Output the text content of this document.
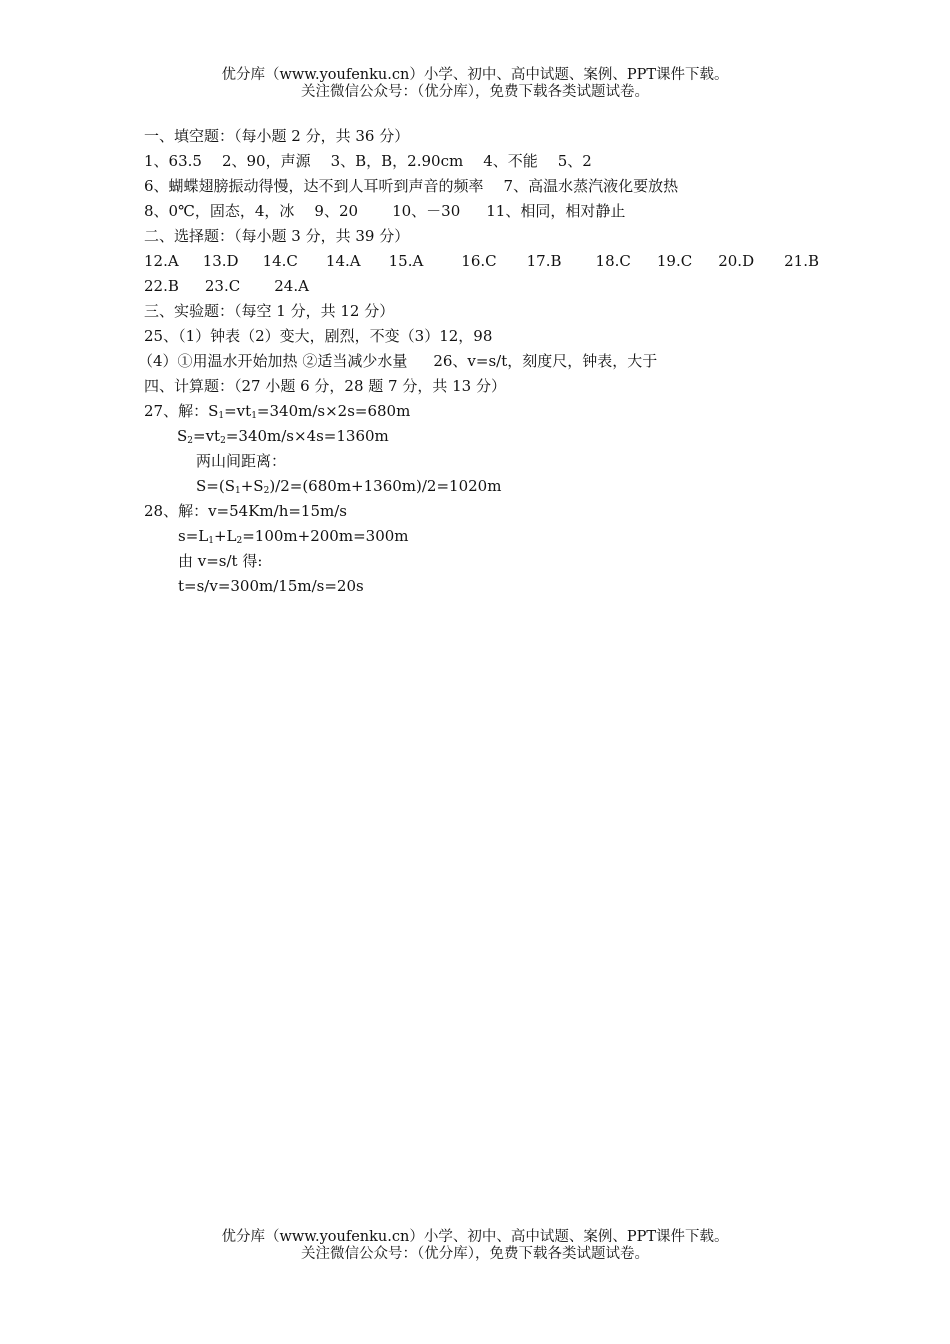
优分库（www.youfenku.cn）小学、初中、高中试题、案例、PPT课件下载。
关注微信公众号：（优分库），免费下载各类试题试卷。
一、填空题：（每小题 2 分，共 36 分）
1、63.5 2、90，声源 3、B，B，2.90cm 4、不能 5、2
6、蝴蝶翅膀振动得慢，达不到人耳听到声音的频率 7、高温水蒸汽液化要放热
8、0℃，固态，4，冰 9、20 10、－30 11、相同，相对静止
二、选择题：（每小题 3 分，共 39 分）
12.A 13.D 14.C 14.A 15.A	16.C 17.B 18.C 19.C 20.D 21.B
22.B 23.C 24.A
三、实验题：（每空 1 分，共 12 分）
25、（1）钟表（2）变大，剧烈，不变（3）12，98
（4）①用温水开始加热 ②适当减少水量 26、v=s/t，刻度尺，钟表，大于
四、计算题：（27 小题 6 分，28 题 7 分，共 13 分）
27、解：$S_1=vt_1=340m/s\times 2s=680m$
$S_2=vt_2=340m/s\times 4s=1360m$
两山间距离：
$S=(S_1+S_2)/2=(680m+1360m)/2=1020m$
28、解：v=54Km/h=15m/s
$s=L_1+L_2=100m+200m=300m$
由 v=s/t 得:
t=s/v=300m/15m/s=20s
优分库（www.youfenku.cn）小学、初中、高中试题、案例、PPT课件下载。
关注微信公众号：（优分库），免费下载各类试题试卷。
